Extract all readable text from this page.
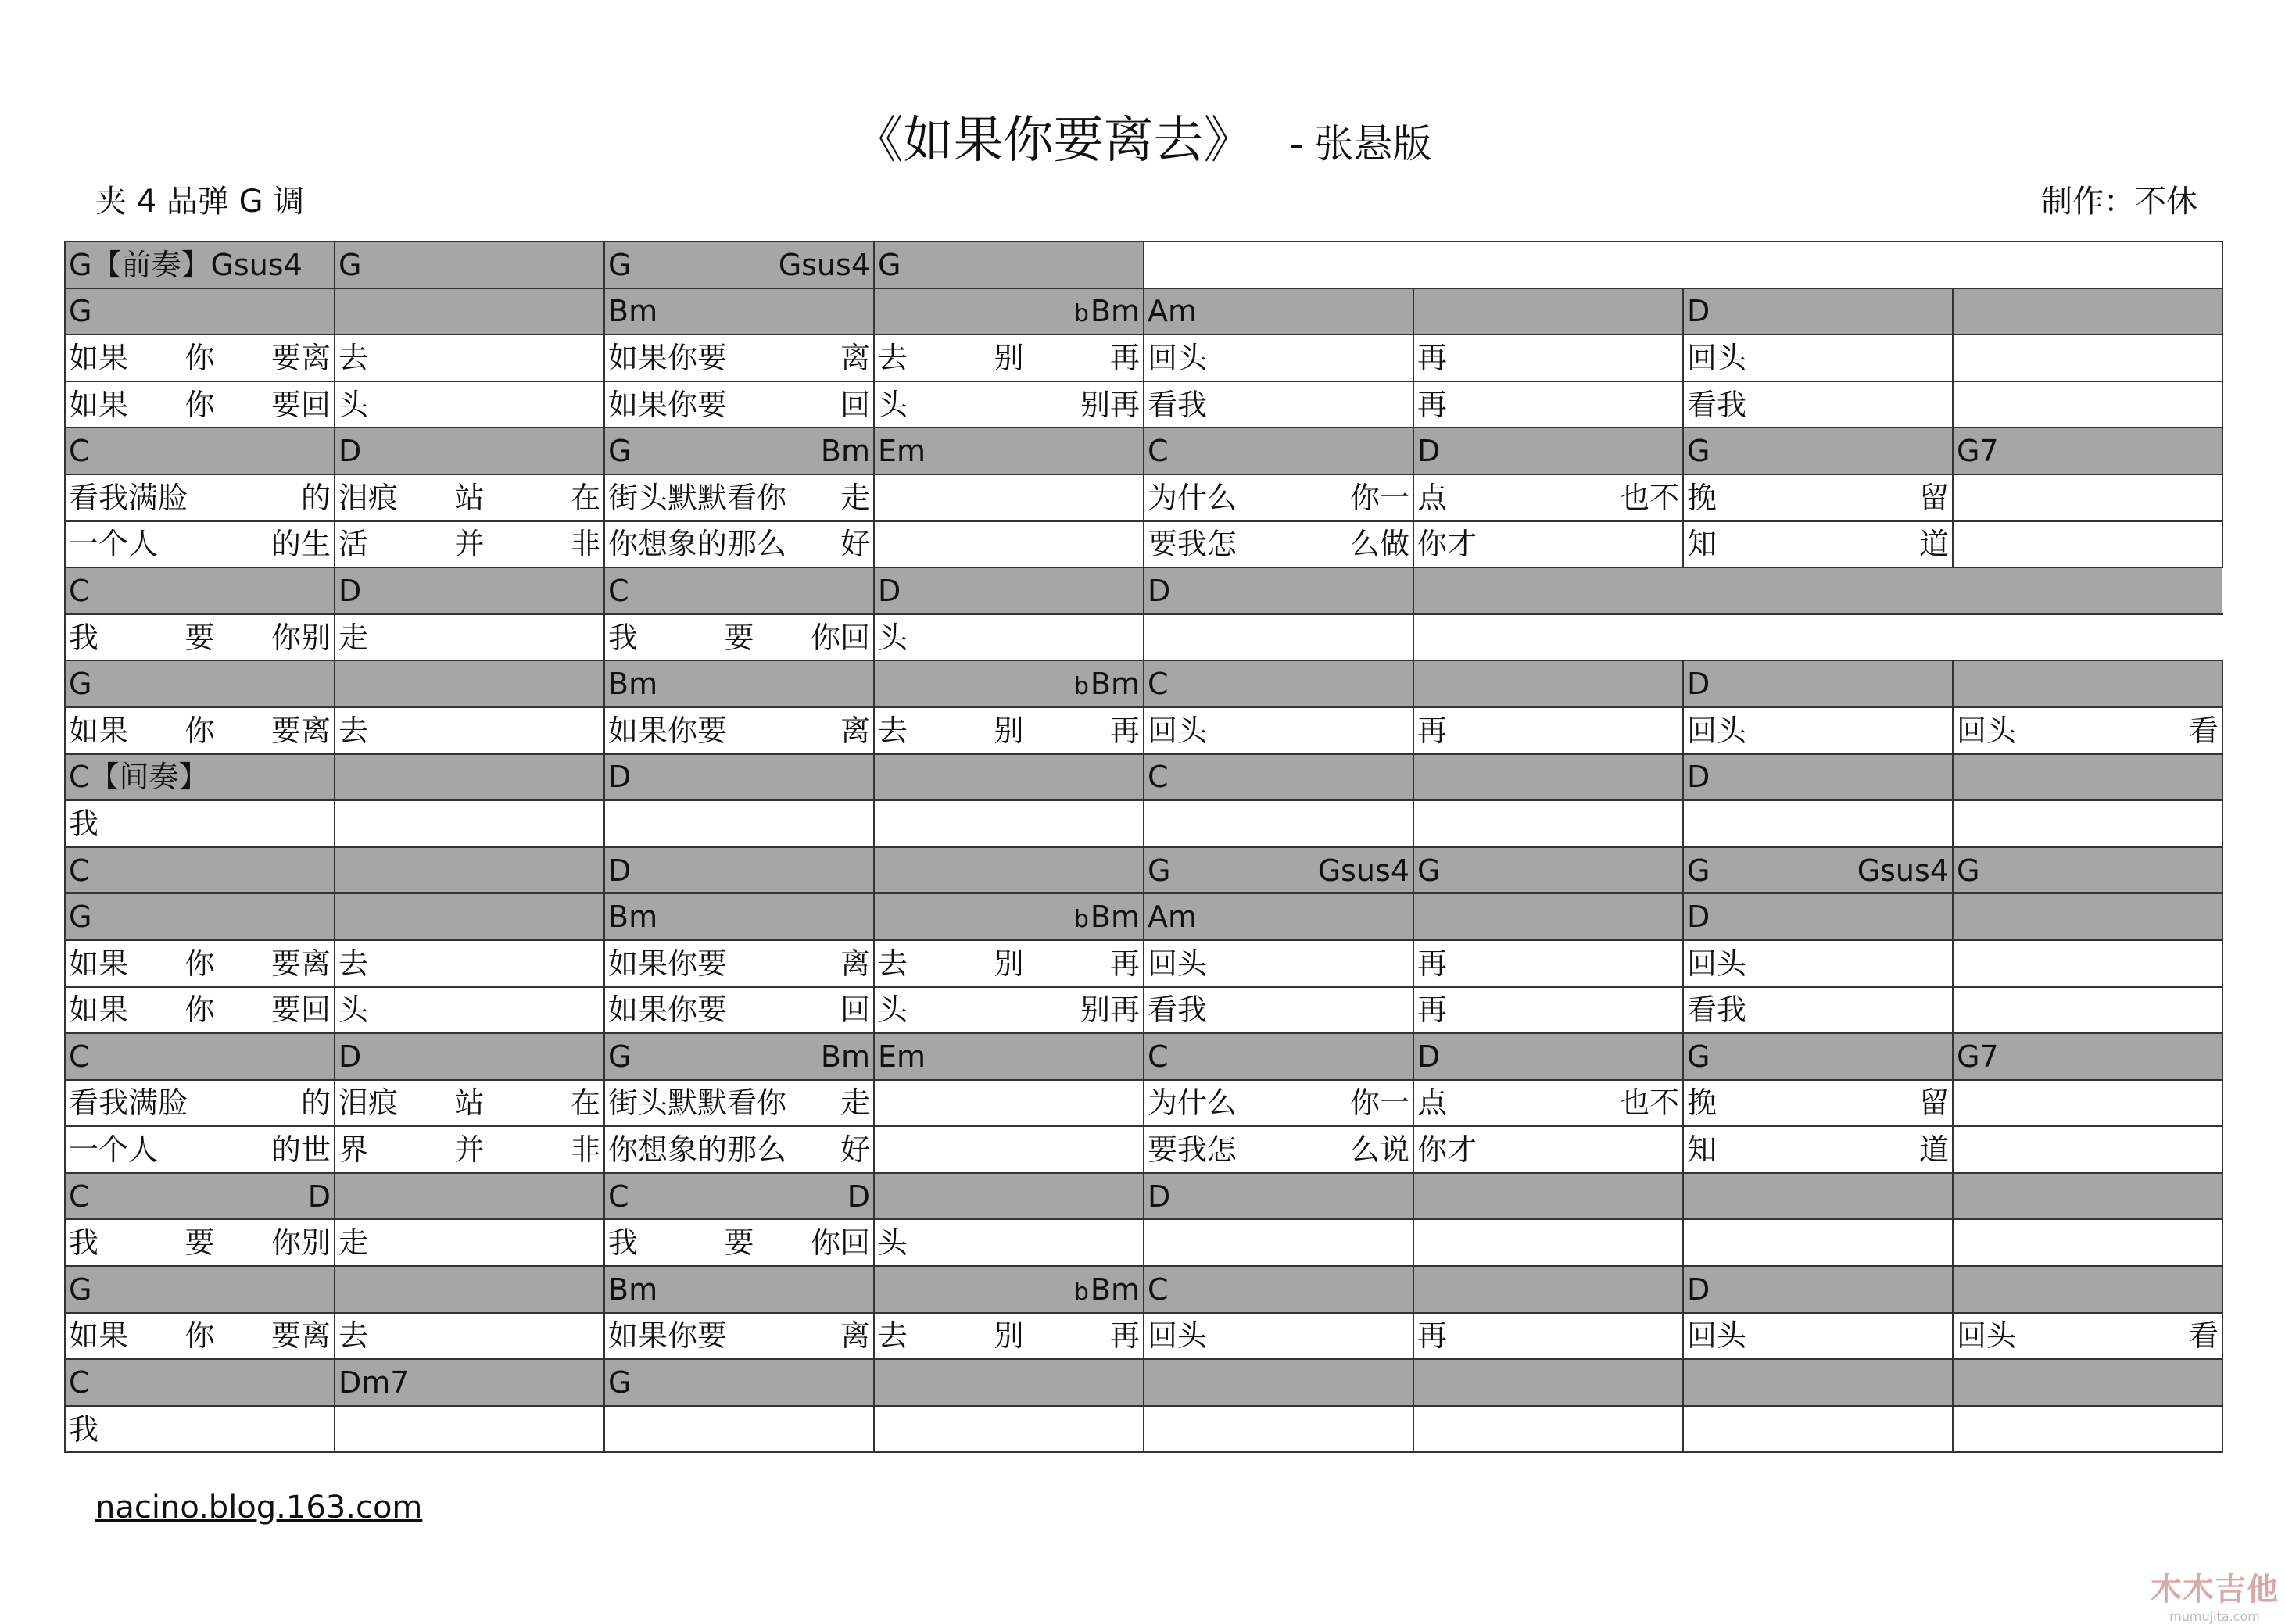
《如果你要离去》 - 张悬版
夹 4 品弹 G 调	制作：不休
G【前奏】Gsus4	G	G Gsus4	G				

G		Bm	bBm	Am		D	

如果 你 要离	去	如果你要 离	去 别 再	回头	再	回头	

如果 你 要回	头	如果你要 回	头 别再	看我	再	看我	

C	D	G Bm	Em	C	D	G	G7

看我满脸 的	泪痕 站 在	街头默默看你 走		为什么 你一	点 也不	挽 留	

一个人 的生	活 并 非	你想象的那么 好		要我怎 么做	你才	知 道	

C	D	C	D	D			

我 要 你别	走	我 要 你回	头				

G		Bm	bBm	C		D	

如果 你 要离	去	如果你要 离	去 别 再	回头	再	回头	回头 看

C【间奏】		D		C		D	

我							

C		D		G Gsus4	G	G Gsus4	G

G		Bm	bBm	Am		D	

如果 你 要离	去	如果你要 离	去 别 再	回头	再	回头	

如果 你 要回	头	如果你要 回	头 别再	看我	再	看我	

C	D	G Bm	Em	C	D	G	G7

看我满脸 的	泪痕 站 在	街头默默看你 走		为什么 你一	点 也不	挽 留	

一个人 的世	界 并 非	你想象的那么 好		要我怎 么说	你才	知 道	

C D		C D		D			

我 要 你别	走	我 要 你回	头				

G		Bm	bBm	C		D	

如果 你 要离	去	如果你要 离	去 别 再	回头	再	回头	回头 看

C	Dm7	G					

我							

nacino.blog.163.com
木木吉他
mumujita.com
